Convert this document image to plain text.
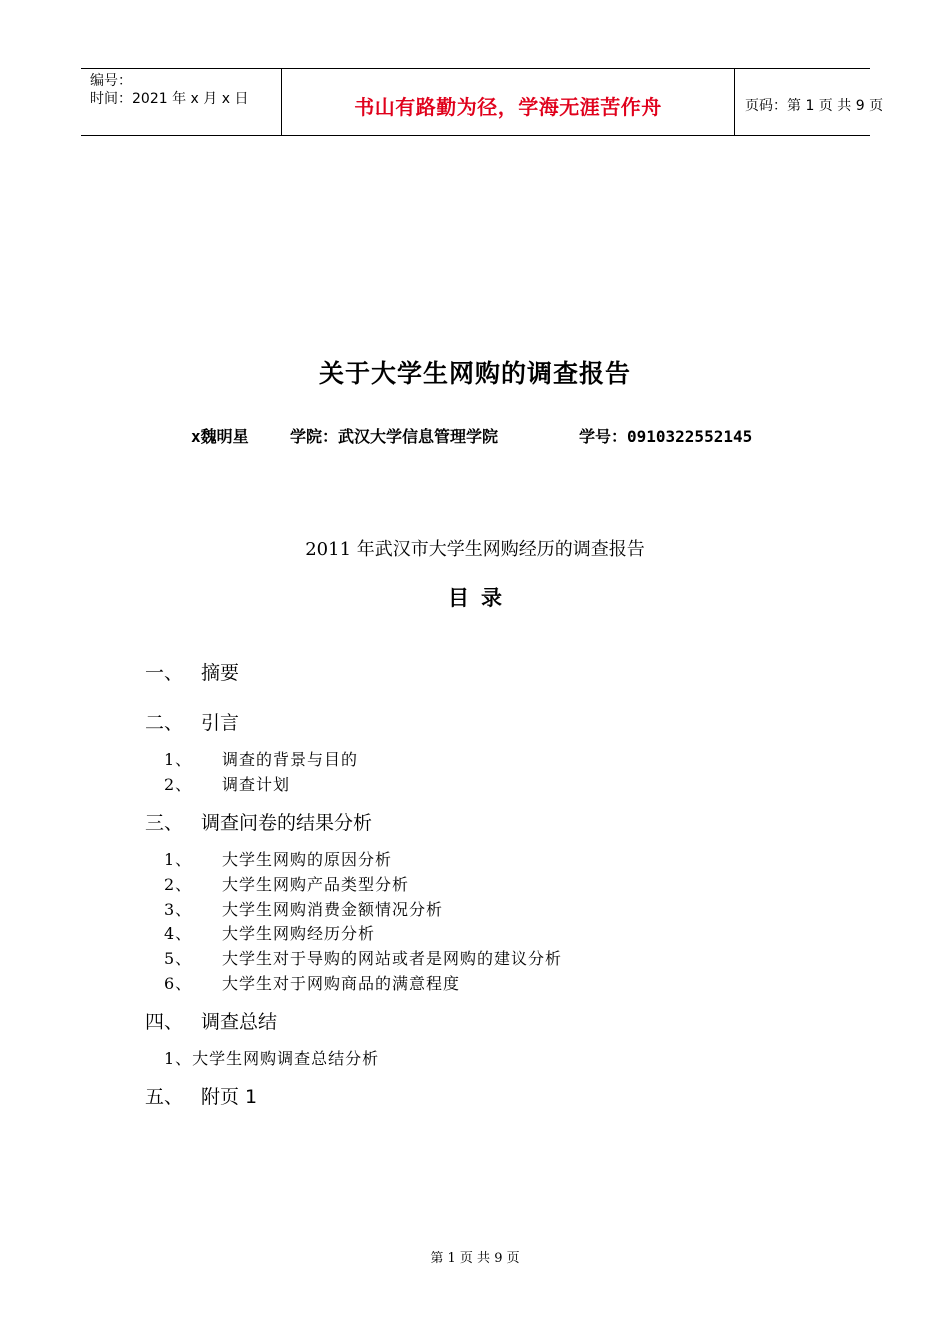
编号：
时间：2021 年 x 月 x 日	书山有路勤为径，学海无涯苦作舟	页码：第 1 页 共 9 页
关于大学生网购的调查报告
x魏明星	学院：武汉大学信息管理学院	学号：0910322552145
2011 年武汉市大学生网购经历的调查报告
目录
一、 摘要
二、 引言
1、 调查的背景与目的
2、 调查计划
三、 调查问卷的结果分析
1、 大学生网购的原因分析
2、 大学生网购产品类型分析
3、 大学生网购消费金额情况分析
4、 大学生网购经历分析
5、 大学生对于导购的网站或者是网购的建议分析
6、 大学生对于网购商品的满意程度
四、 调查总结
1、大学生网购调查总结分析
五、 附页 1
第 1 页 共 9 页
